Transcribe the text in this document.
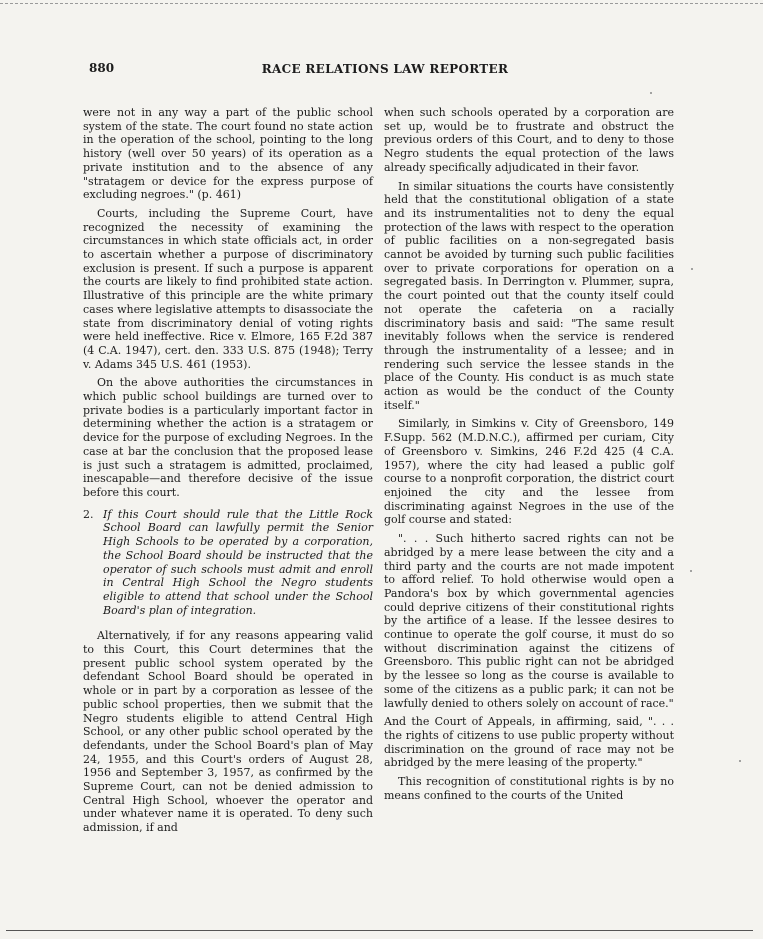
880	RACE RELATIONS LAW REPORTER

were not in any way a part of the public school system of the state. The court found no state action in the operation of the school, pointing to the long history (well over 50 years) of its operation as a private institution and to the absence of any "stratagem or device for the express purpose of excluding negroes." (p. 461)

Courts, including the Supreme Court, have recognized the necessity of examining the circumstances in which state officials act, in order to ascertain whether a purpose of discriminatory exclusion is present. If such a purpose is apparent the courts are likely to find prohibited state action. Illustrative of this principle are the white primary cases where legislative attempts to disassociate the state from discriminatory denial of voting rights were held ineffective. Rice v. Elmore, 165 F.2d 387 (4 C.A. 1947), cert. den. 333 U.S. 875 (1948); Terry v. Adams 345 U.S. 461 (1953).

On the above authorities the circumstances in which public school buildings are turned over to private bodies is a particularly important factor in determining whether the action is a stratagem or device for the purpose of excluding Negroes. In the case at bar the conclusion that the proposed lease is just such a stratagem is admitted, proclaimed, inescapable—and therefore decisive of the issue before this court.

2. If this Court should rule that the Little Rock School Board can lawfully permit the Senior High Schools to be operated by a corporation, the School Board should be instructed that the operator of such schools must admit and enroll in Central High School the Negro students eligible to attend that school under the School Board's plan of integration.

Alternatively, if for any reasons appearing valid to this Court, this Court determines that the present public school system operated by the defendant School Board should be operated in whole or in part by a corporation as lessee of the public school properties, then we submit that the Negro students eligible to attend Central High School, or any other public school operated by the defendants, under the School Board's plan of May 24, 1955, and this Court's orders of August 28, 1956 and September 3, 1957, as confirmed by the Supreme Court, can not be denied admission to Central High School, whoever the operator and under whatever name it is operated. To deny such admission, if and

when such schools operated by a corporation are set up, would be to frustrate and obstruct the previous orders of this Court, and to deny to those Negro students the equal protection of the laws already specifically adjudicated in their favor.

In similar situations the courts have consistently held that the constitutional obligation of a state and its instrumentalities not to deny the equal protection of the laws with respect to the operation of public facilities on a non-segregated basis cannot be avoided by turning such public facilities over to private corporations for operation on a segregated basis. In Derrington v. Plummer, supra, the court pointed out that the county itself could not operate the cafeteria on a racially discriminatory basis and said: "The same result inevitably follows when the service is rendered through the instrumentality of a lessee; and in rendering such service the lessee stands in the place of the County. His conduct is as much state action as would be the conduct of the County itself."

Similarly, in Simkins v. City of Greensboro, 149 F.Supp. 562 (M.D.N.C.), affirmed per curiam, City of Greensboro v. Simkins, 246 F.2d 425 (4 C.A. 1957), where the city had leased a public golf course to a nonprofit corporation, the district court enjoined the city and the lessee from discriminating against Negroes in the use of the golf course and stated:

". . . Such hitherto sacred rights can not be abridged by a mere lease between the city and a third party and the courts are not made impotent to afford relief. To hold otherwise would open a Pandora's box by which governmental agencies could deprive citizens of their constitutional rights by the artifice of a lease. If the lessee desires to continue to operate the golf course, it must do so without discrimination against the citizens of Greensboro. This public right can not be abridged by the lessee so long as the course is available to some of the citizens as a public park; it can not be lawfully denied to others solely on account of race."

And the Court of Appeals, in affirming, said, ". . . the rights of citizens to use public property without discrimination on the ground of race may not be abridged by the mere leasing of the property."

This recognition of constitutional rights is by no means confined to the courts of the United
